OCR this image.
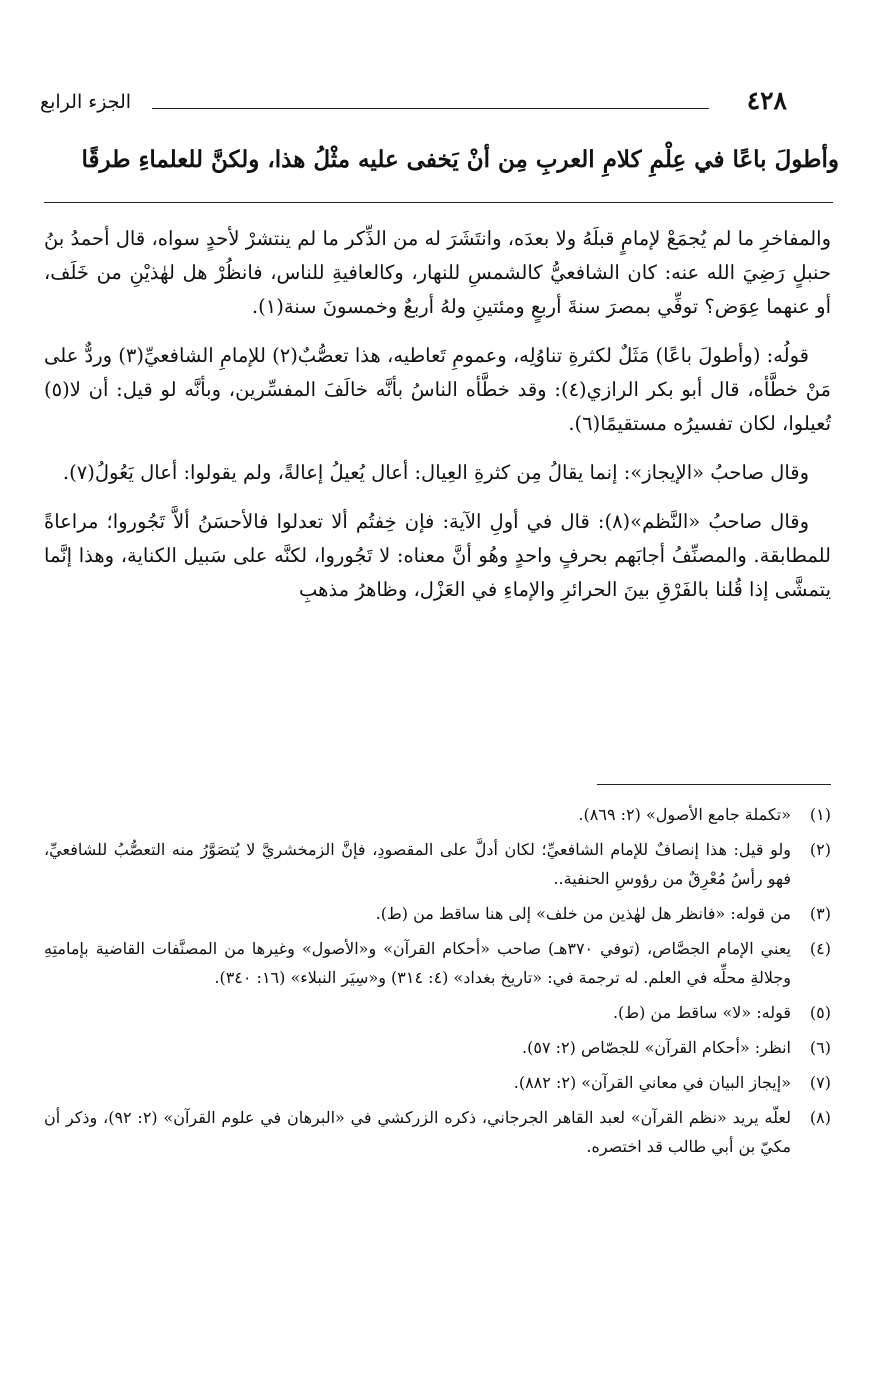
٤٢٨
الجزء الرابع
وأطولَ باعًا في عِلْمِ كلامِ العربِ مِن أنْ يَخفى عليه مثْلُ هذا، ولكنَّ للعلماءِ طرقًا

والمفاخرِ ما لم يُجمَعْ لإمامٍ قبلَهُ ولا بعدَه، وانتَشَرَ له من الذِّكر ما لم ينتشرْ لأحدٍ سواه، قال أحمدُ بنُ حنبلٍ رَضِيَ الله عنه: كان الشافعيُّ كالشمسِ للنهار، وكالعافيةِ للناس، فانظُرْ هل لهٰذيْنِ من خَلَف، أو عنهما عِوَض؟ توفِّي بمصرَ سنةَ أربعٍ ومئتينِ ولهُ أربعٌ وخمسونَ سنة(١).

قولُه: (وأطولَ باعًا) مَثَلٌ لكثرةِ تناوُلِه، وعمومِ تَعاطيه، هذا تعصُّبٌ(٢) للإمامِ الشافعيِّ(٣) وردٌّ على مَنْ خطَّأه، قال أبو بكر الرازي(٤): وقد خطَّأه الناسُ بأنَّه خالَفَ المفسِّرين، وبأنَّه لو قيل: أن لا(٥) تُعيلوا، لكان تفسيرُه مستقيمًا(٦).

وقال صاحبُ «الإيجاز»: إنما يقالُ مِن كثرةِ العِيال: أعال يُعيلُ إعالةً، ولم يقولوا: أعال يَعُولُ(٧).

وقال صاحبُ «النَّظم»(٨): قال في أولِ الآية: فإن خِفتُم ألا تعدلوا فالأحسَنُ ألاَّ تَجُوروا؛ مراعاةً للمطابقة. والمصنِّفُ أجابَهم بحرفٍ واحدٍ وهُو أنَّ معناه: لا تَجُوروا، لكنَّه على سَبيل الكناية، وهذا إنَّما يتمشَّى إذا قُلنا بالفَرْقِ بينَ الحرائرِ والإماءِ في العَزْل، وظاهرُ مذهبِ

(١)
«تكملة جامع الأصول» (٢: ٨٦٩).
(٢)
ولو قيل: هذا إنصافٌ للإمام الشافعيِّ؛ لكان أدلَّ على المقصودِ، فإنَّ الزمخشريَّ لا يُتصَوَّرُ منه التعصُّبُ للشافعيِّ، فهو رأسُ مُعْرِقٌ من رؤوسِ الحنفية..
(٣)
من قوله: «فانظر هل لهٰذين من خلف» إلى هنا ساقط من (ط).
(٤)
يعني الإمام الجصَّاص، (توفي ٣٧٠هـ) صاحب «أحكام القرآن» و«الأصول» وغيرها من المصنَّفات القاضية بإمامتِهِ وجلالةِ محلِّه في العلم. له ترجمة في: «تاريخ بغداد» (٤: ٣١٤) و«سِيَر النبلاء» (١٦: ٣٤٠).
(٥)
قوله: «لا» ساقط من (ط).
(٦)
انظر: «أحكام القرآن» للجصّاص (٢: ٥٧).
(٧)
«إيجاز البيان في معاني القرآن» (٢: ٨٨٢).
(٨)
لعلّه يريد «نظم القرآن» لعبد القاهر الجرجاني، ذكره الزركشي في «البرهان في علوم القرآن» (٢: ٩٢)، وذكر أن مكيّ بن أبي طالب قد اختصره.
